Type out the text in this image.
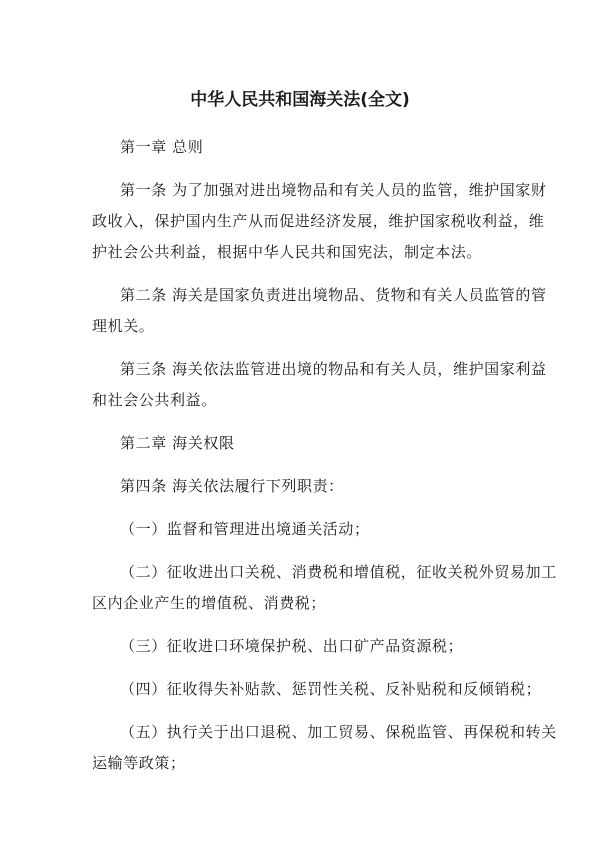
中华人民共和国海关法(全文)
第一章 总则
第一条 为了加强对进出境物品和有关人员的监管，维护国家财
政收入，保护国内生产从而促进经济发展，维护国家税收利益，维
护社会公共利益，根据中华人民共和国宪法，制定本法。
第二条 海关是国家负责进出境物品、货物和有关人员监管的管
理机关。
第三条 海关依法监管进出境的物品和有关人员，维护国家利益
和社会公共利益。
第二章 海关权限
第四条 海关依法履行下列职责：
（一）监督和管理进出境通关活动；
（二）征收进出口关税、消费税和增值税，征收关税外贸易加工
区内企业产生的增值税、消费税；
（三）征收进口环境保护税、出口矿产品资源税；
（四）征收得失补贴款、惩罚性关税、反补贴税和反倾销税；
（五）执行关于出口退税、加工贸易、保税监管、再保税和转关
运输等政策；
